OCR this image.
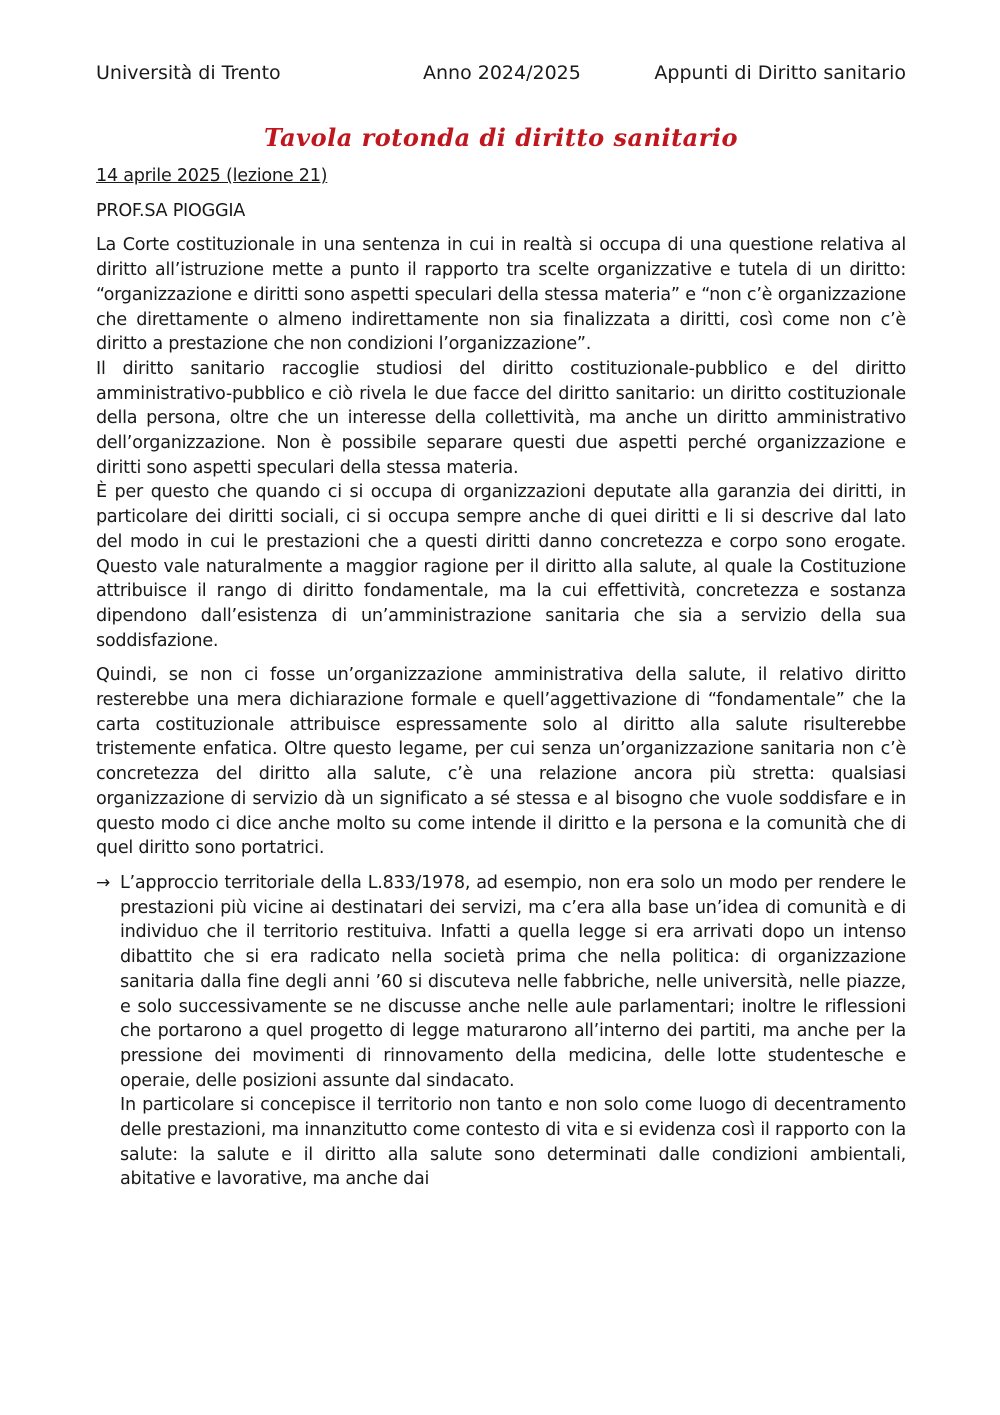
Università di Trento	Anno 2024/2025	Appunti di Diritto sanitario
Tavola rotonda di diritto sanitario

14 aprile 2025 (lezione 21)

PROF.SA PIOGGIA

La Corte costituzionale in una sentenza in cui in realtà si occupa di una questione relativa al diritto all’istruzione mette a punto il rapporto tra scelte organizzative e tutela di un diritto: “organizzazione e diritti sono aspetti speculari della stessa materia” e “non c’è organizzazione che direttamente o almeno indirettamente non sia finalizzata a diritti, così come non c’è diritto a prestazione che non condizioni l’organizzazione”.

Il diritto sanitario raccoglie studiosi del diritto costituzionale-pubblico e del diritto amministrativo-pubblico e ciò rivela le due facce del diritto sanitario: un diritto costituzionale della persona, oltre che un interesse della collettività, ma anche un diritto amministrativo dell’organizzazione. Non è possibile separare questi due aspetti perché organizzazione e diritti sono aspetti speculari della stessa materia.

È per questo che quando ci si occupa di organizzazioni deputate alla garanzia dei diritti, in particolare dei diritti sociali, ci si occupa sempre anche di quei diritti e li si descrive dal lato del modo in cui le prestazioni che a questi diritti danno concretezza e corpo sono erogate. Questo vale naturalmente a maggior ragione per il diritto alla salute, al quale la Costituzione attribuisce il rango di diritto fondamentale, ma la cui effettività, concretezza e sostanza dipendono dall’esistenza di un’amministrazione sanitaria che sia a servizio della sua soddisfazione.

Quindi, se non ci fosse un’organizzazione amministrativa della salute, il relativo diritto resterebbe una mera dichiarazione formale e quell’aggettivazione di “fondamentale” che la carta costituzionale attribuisce espressamente solo al diritto alla salute risulterebbe tristemente enfatica. Oltre questo legame, per cui senza un’organizzazione sanitaria non c’è concretezza del diritto alla salute, c’è una relazione ancora più stretta: qualsiasi organizzazione di servizio dà un significato a sé stessa e al bisogno che vuole soddisfare e in questo modo ci dice anche molto su come intende il diritto e la persona e la comunità che di quel diritto sono portatrici.

→ L’approccio territoriale della L.833/1978, ad esempio, non era solo un modo per rendere le prestazioni più vicine ai destinatari dei servizi, ma c’era alla base un’idea di comunità e di individuo che il territorio restituiva. Infatti a quella legge si era arrivati dopo un intenso dibattito che si era radicato nella società prima che nella politica: di organizzazione sanitaria dalla fine degli anni ’60 si discuteva nelle fabbriche, nelle università, nelle piazze, e solo successivamente se ne discusse anche nelle aule parlamentari; inoltre le riflessioni che portarono a quel progetto di legge maturarono all’interno dei partiti, ma anche per la pressione dei movimenti di rinnovamento della medicina, delle lotte studentesche e operaie, delle posizioni assunte dal sindacato.

In particolare si concepisce il territorio non tanto e non solo come luogo di decentramento delle prestazioni, ma innanzitutto come contesto di vita e si evidenza così il rapporto con la salute: la salute e il diritto alla salute sono determinati dalle condizioni ambientali, abitative e lavorative, ma anche dai
